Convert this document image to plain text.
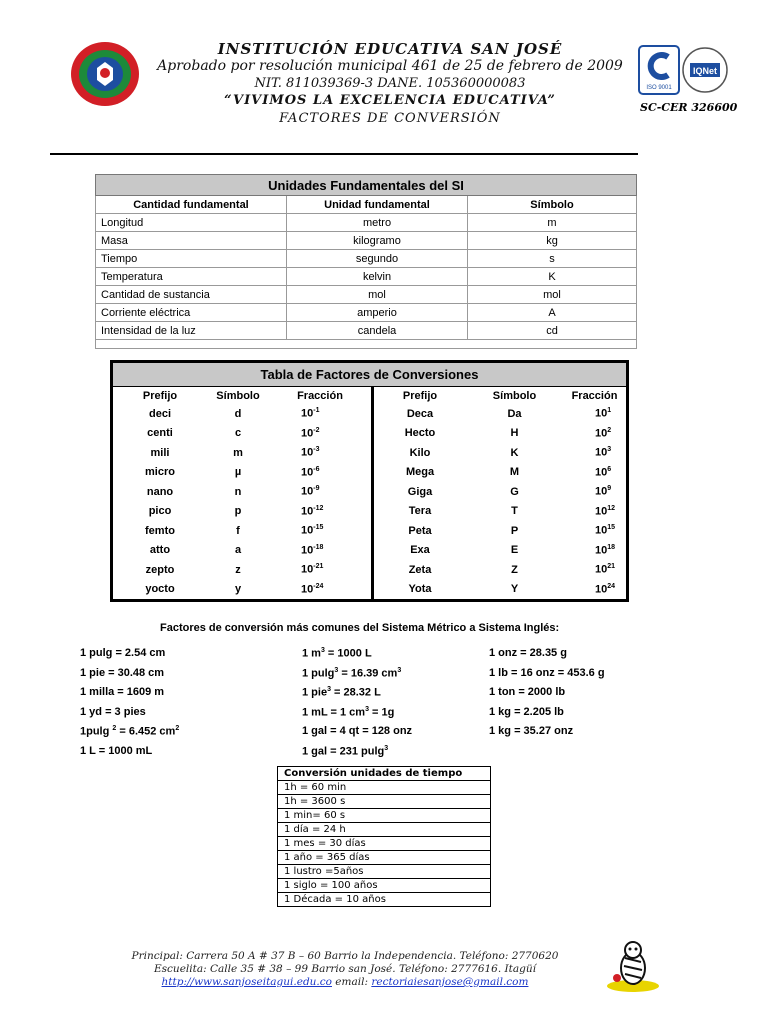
INSTITUCIÓN EDUCATIVA SAN JOSÉ
Aprobado por resolución municipal 461 de 25 de febrero de 2009
NIT. 811039369-3 DANE. 105360000083
“VIVIMOS LA EXCELENCIA EDUCATIVA”
FACTORES DE CONVERSIÓN
ISO 9001
IQNet
SC-CER 326600
Unidades Fundamentales del SI		
Cantidad fundamental	Unidad fundamental	Símbolo
Longitud	metro	m
Masa	kilogramo	kg
Tiempo	segundo	s
Temperatura	kelvin	K
Cantidad de sustancia	mol	mol
Corriente eléctrica	amperio	A
Intensidad de la luz	candela	cd

Tabla de Factores de Conversiones
Prefijo	Símbolo	Fracción	Prefijo	Símbolo	Fracción
deci	d	$10^{-1}$	Deca	Da	$10^1$
centi	c	$10^{-2}$	Hecto	H	$10^2$
mili	m	$10^{-3}$	Kilo	K	$10^3$
micro	µ	$10^{-6}$	Mega	M	$10^6$
nano	n	$10^{-9}$	Giga	G	$10^9$
pico	p	$10^{-12}$	Tera	T	$10^{12}$
femto	f	$10^{-15}$	Peta	P	$10^{15}$
atto	a	$10^{-18}$	Exa	E	$10^{18}$
zepto	z	$10^{-21}$	Zeta	Z	$10^{21}$
yocto	y	$10^{-24}$	Yota	Y	$10^{24}$
Factores de conversión más comunes del Sistema Métrico a Sistema Inglés:
1 pulg = 2.54 cm
1 pie = 30.48 cm
1 milla = 1609 m
1 yd = 3 pies
1pulg $^2$ = 6.452 $cm^2$
1 L = 1000 mL
1 $m^3 = 1000$ L
1 pulg$^3$ = 16.39 $cm^3$
1 pie$^3$ = 28.32 L
1 mL = 1 $cm^3 = 1g$
1 gal = 4 qt = 128 onz
1 gal = 231 pulg$^3$
1 onz = 28.35 g
1 lb = 16 onz = 453.6 g
1 ton = 2000 lb
1 kg = 2.205 lb
1 kg = 35.27 onz
Conversión unidades de tiempo
1h = 60 min
1h = 3600 s
1 min= 60 s
1 día = 24 h
1 mes = 30 días
1 año = 365 días
1 lustro =5años
1 siglo = 100 años
1 Década = 10 años
Principal: Carrera 50 A # 37 B – 60 Barrio la Independencia. Teléfono: 2770620
Escuelita: Calle 35 # 38 – 99 Barrio san José. Teléfono: 2777616. Itagüí
http://www.sanjoseitagui.edu.co email: rectoriaiesanjose@gmail.com
